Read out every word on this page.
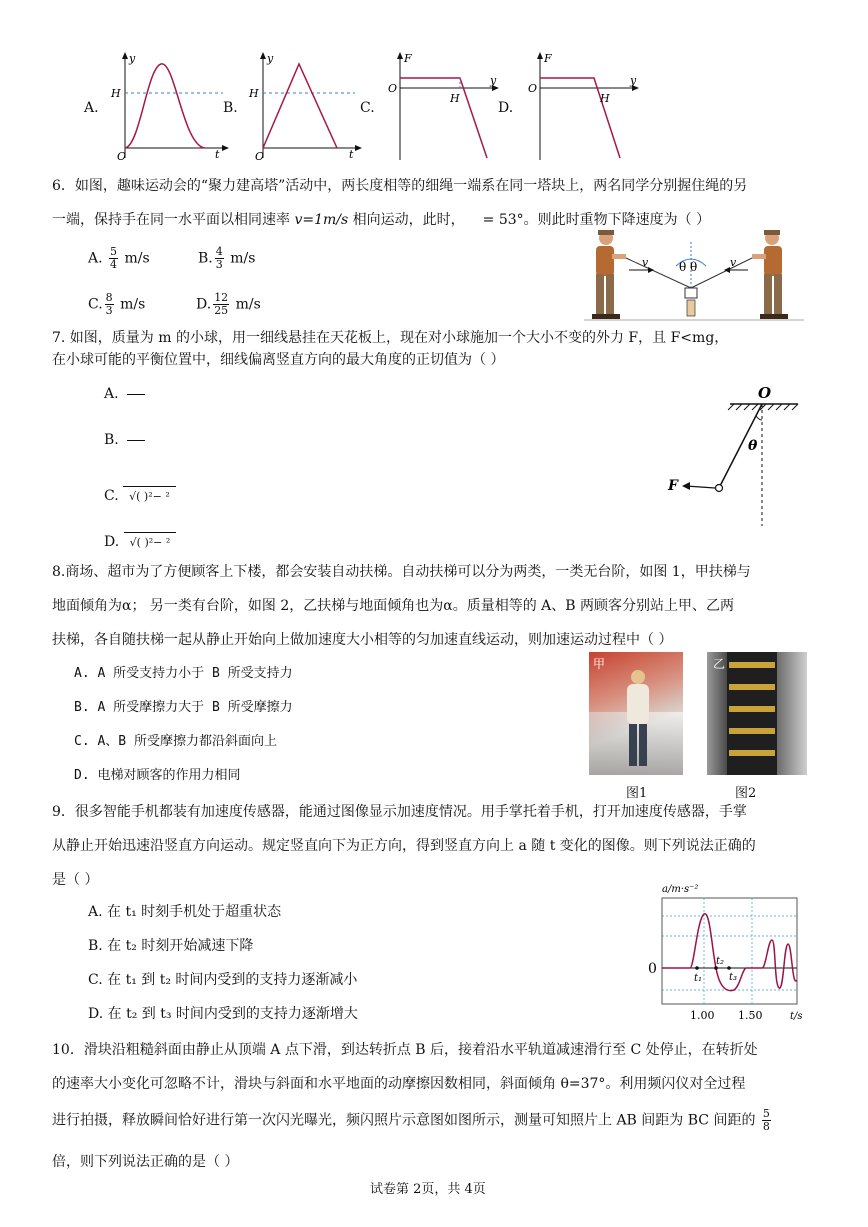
A.
y
t
H
O
B.
y
t
H
O
C.
F
y
H
O
D.
F
y
H
O
6．如图，趣味运动会的“聚力建高塔”活动中，两长度相等的细绳一端系在同一塔块上，两名同学分别握住绳的另
一端，保持手在同一水平面以相同速率 v=1m/s 相向运动，此时， = 53°。则此时重物下降速度为（ ）
A. $\frac{5}{4} m/s$	B. $\frac{4}{3} m/s$
C. $\frac{8}{3} m/s$	D. $\frac{12}{25} m/s$
v	v
θ θ
7. 如图，质量为 m 的小球，用一细线悬挂在天花板上，现在对小球施加一个大小不变的外力 F，且 F<mg，
在小球可能的平衡位置中，细线偏离竖直方向的最大角度的正切值为（ ）
A.
B.
C. √( )²− ²
D. √( )²− ²
O
θ
F
8.商场、超市为了方便顾客上下楼，都会安装自动扶梯。自动扶梯可以分为两类，一类无台阶，如图 1，甲扶梯与
地面倾角为α； 另一类有台阶，如图 2，乙扶梯与地面倾角也为α。质量相等的 A、B 两顾客分别站上甲、乙两
扶梯，各自随扶梯一起从静止开始向上做加速度大小相等的匀加速直线运动，则加速运动过程中（ ）
A. A 所受支持力小于 B 所受支持力
B. A 所受摩擦力大于 B 所受摩擦力
C. A、B 所受摩擦力都沿斜面向上
D. 电梯对顾客的作用力相同
甲
图1
乙
图2
9．很多智能手机都装有加速度传感器，能通过图像显示加速度情况。用手掌托着手机，打开加速度传感器，手掌
从静止开始迅速沿竖直方向运动。规定竖直向下为正方向，得到竖直方向上 a 随 t 变化的图像。则下列说法正确的
是（ ）
A. 在 t₁ 时刻手机处于超重状态
B. 在 t₂ 时刻开始减速下降
C. 在 t₁ 到 t₂ 时间内受到的支持力逐渐减小
D. 在 t₂ 到 t₃ 时间内受到的支持力逐渐增大
a/m·s⁻²
0
t₁
t₂
t₃
1.00 1.50	t/s
10．滑块沿粗糙斜面由静止从顶端 A 点下滑，到达转折点 B 后，接着沿水平轨道减速滑行至 C 处停止，在转折处
的速率大小变化可忽略不计，滑块与斜面和水平地面的动摩擦因数相同，斜面倾角 θ=37°。利用频闪仪对全过程
进行拍摄，释放瞬间恰好进行第一次闪光曝光，频闪照片示意图如图所示，测量可知照片上 AB 间距为 BC 间距的 $\frac{5}{8}$
倍，则下列说法正确的是（ ）
试卷第 2页，共 4页
